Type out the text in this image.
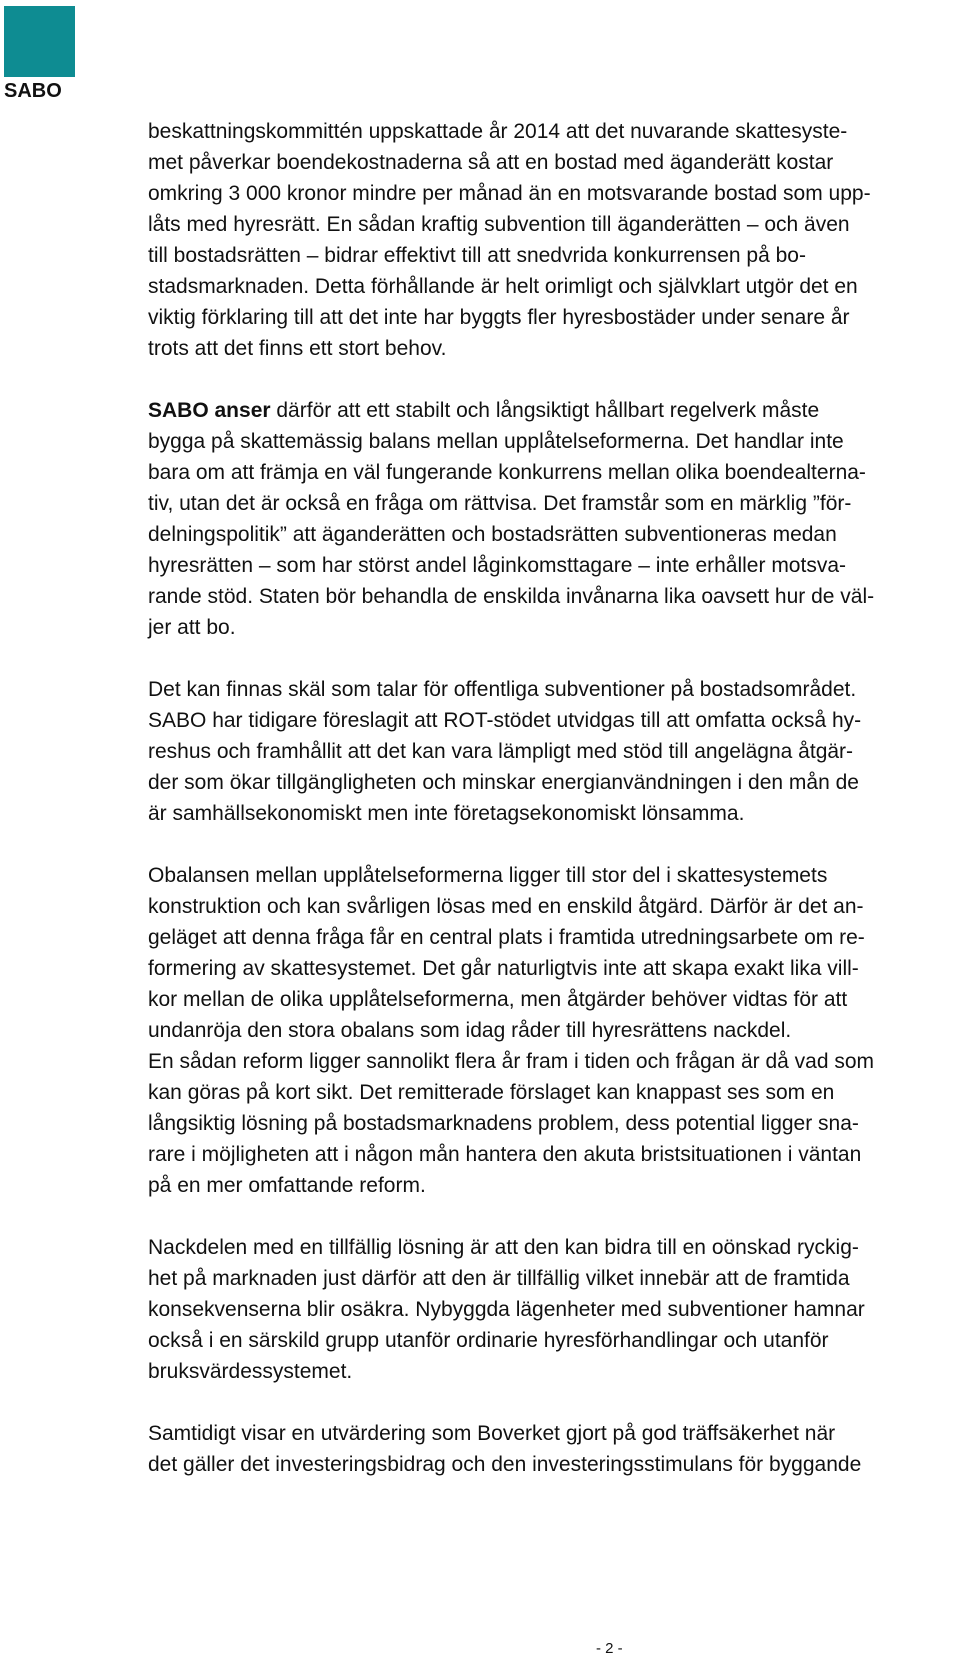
SABO

beskattningskommittén uppskattade år 2014 att det nuvarande skattesyste-
met påverkar boendekostnaderna så att en bostad med äganderätt kostar
omkring 3 000 kronor mindre per månad än en motsvarande bostad som upp-
låts med hyresrätt. En sådan kraftig subvention till äganderätten – och även
till bostadsrätten – bidrar effektivt till att snedvrida konkurrensen på bo-
stadsmarknaden. Detta förhållande är helt orimligt och självklart utgör det en
viktig förklaring till att det inte har byggts fler hyresbostäder under senare år
trots att det finns ett stort behov.

SABO anser därför att ett stabilt och långsiktigt hållbart regelverk måste
bygga på skattemässig balans mellan upplåtelseformerna. Det handlar inte
bara om att främja en väl fungerande konkurrens mellan olika boendealterna-
tiv, utan det är också en fråga om rättvisa. Det framstår som en märklig ”för-
delningspolitik” att äganderätten och bostadsrätten subventioneras medan
hyresrätten – som har störst andel låginkomsttagare – inte erhåller motsva-
rande stöd. Staten bör behandla de enskilda invånarna lika oavsett hur de väl-
jer att bo.

Det kan finnas skäl som talar för offentliga subventioner på bostadsområdet.
SABO har tidigare föreslagit att ROT-stödet utvidgas till att omfatta också hy-
reshus och framhållit att det kan vara lämpligt med stöd till angelägna åtgär-
der som ökar tillgängligheten och minskar energianvändningen i den mån de
är samhällsekonomiskt men inte företagsekonomiskt lönsamma.

Obalansen mellan upplåtelseformerna ligger till stor del i skattesystemets
konstruktion och kan svårligen lösas med en enskild åtgärd. Därför är det an-
geläget att denna fråga får en central plats i framtida utredningsarbete om re-
formering av skattesystemet. Det går naturligtvis inte att skapa exakt lika vill-
kor mellan de olika upplåtelseformerna, men åtgärder behöver vidtas för att
undanröja den stora obalans som idag råder till hyresrättens nackdel.
En sådan reform ligger sannolikt flera år fram i tiden och frågan är då vad som
kan göras på kort sikt. Det remitterade förslaget kan knappast ses som en
långsiktig lösning på bostadsmarknadens problem, dess potential ligger sna-
rare i möjligheten att i någon mån hantera den akuta bristsituationen i väntan
på en mer omfattande reform.

Nackdelen med en tillfällig lösning är att den kan bidra till en oönskad ryckig-
het på marknaden just därför att den är tillfällig vilket innebär att de framtida
konsekvenserna blir osäkra. Nybyggda lägenheter med subventioner hamnar
också i en särskild grupp utanför ordinarie hyresförhandlingar och utanför
bruksvärdessystemet.

Samtidigt visar en utvärdering som Boverket gjort på god träffsäkerhet när
det gäller det investeringsbidrag och den investeringsstimulans för byggande

- 2 -
